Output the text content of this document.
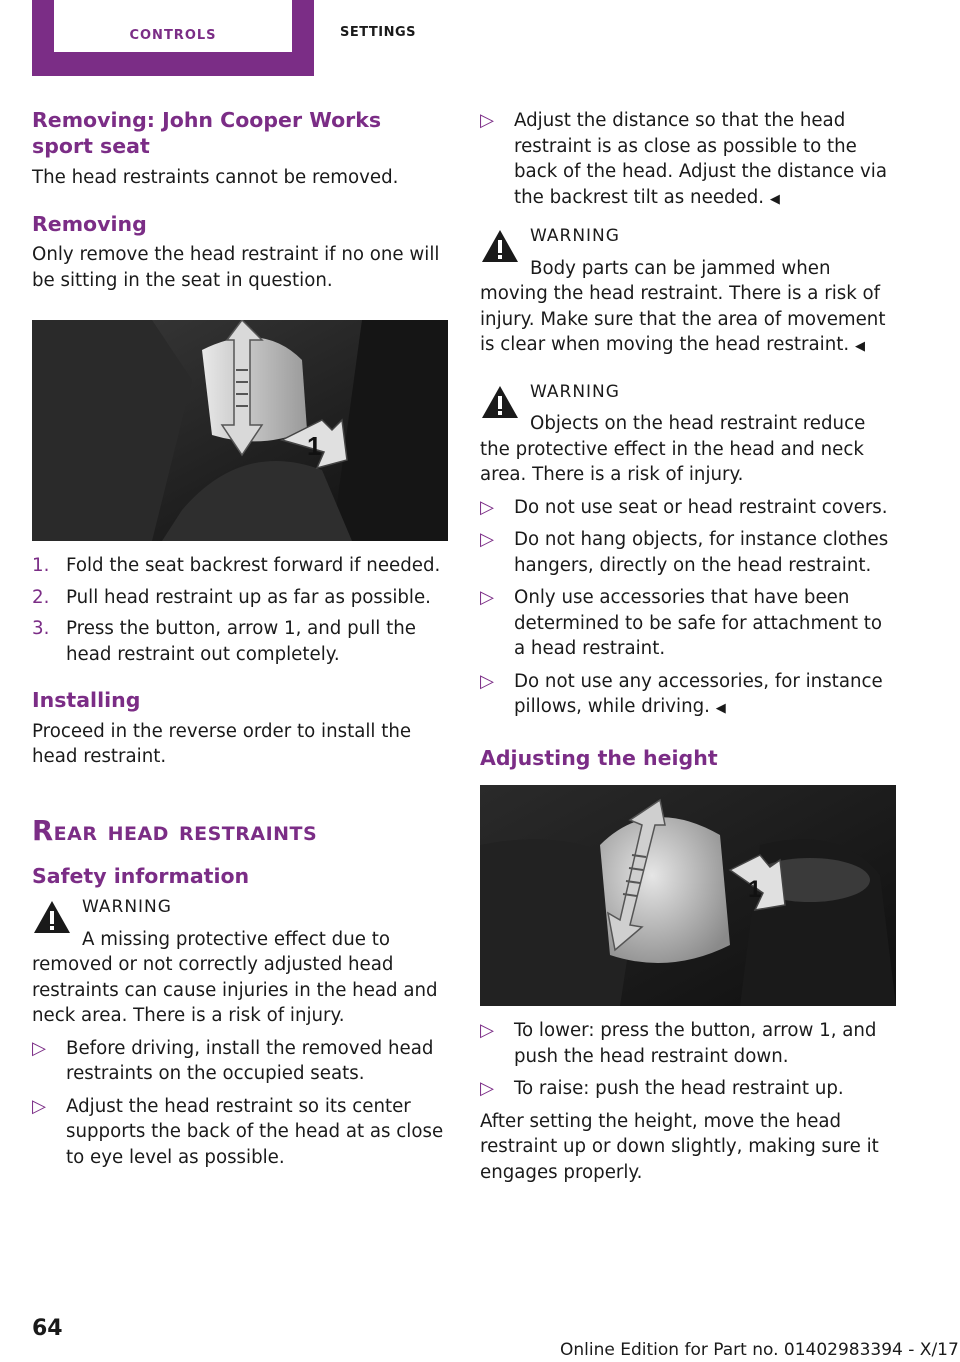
controls	settings
Removing: John Cooper Works sport seat

The head restraints cannot be removed.

Removing

Only remove the head restraint if no one will be sitting in the seat in question.

1
1. Fold the seat backrest forward if needed.
2. Pull head restraint up as far as possible.
3. Press the button, arrow 1, and pull the head restraint out completely.
Installing

Proceed in the reverse order to install the head restraint.

Rear head restraints
Safety information
WARNING

A missing protective effect due to removed or not correctly adjusted head restraints can cause injuries in the head and neck area. There is a risk of injury.

▷ Before driving, install the removed head restraints on the occupied seats.
▷ Adjust the head restraint so its center supports the back of the head at as close to eye level as possible.
▷ Adjust the distance so that the head restraint is as close as possible to the back of the head. Adjust the distance via the backrest tilt as needed. ◀
WARNING

Body parts can be jammed when moving the head restraint. There is a risk of injury. Make sure that the area of movement is clear when moving the head restraint. ◀

WARNING

Objects on the head restraint reduce the protective effect in the head and neck area. There is a risk of injury.

▷ Do not use seat or head restraint covers.
▷ Do not hang objects, for instance clothes hangers, directly on the head restraint.
▷ Only use accessories that have been determined to be safe for attachment to a head restraint.
▷ Do not use any accessories, for instance pillows, while driving. ◀
Adjusting the height
1
▷ To lower: press the button, arrow 1, and push the head restraint down.
▷ To raise: push the head restraint up.

After setting the height, move the head restraint up or down slightly, making sure it engages properly.

64
Online Edition for Part no. 01402983394 - X/17
